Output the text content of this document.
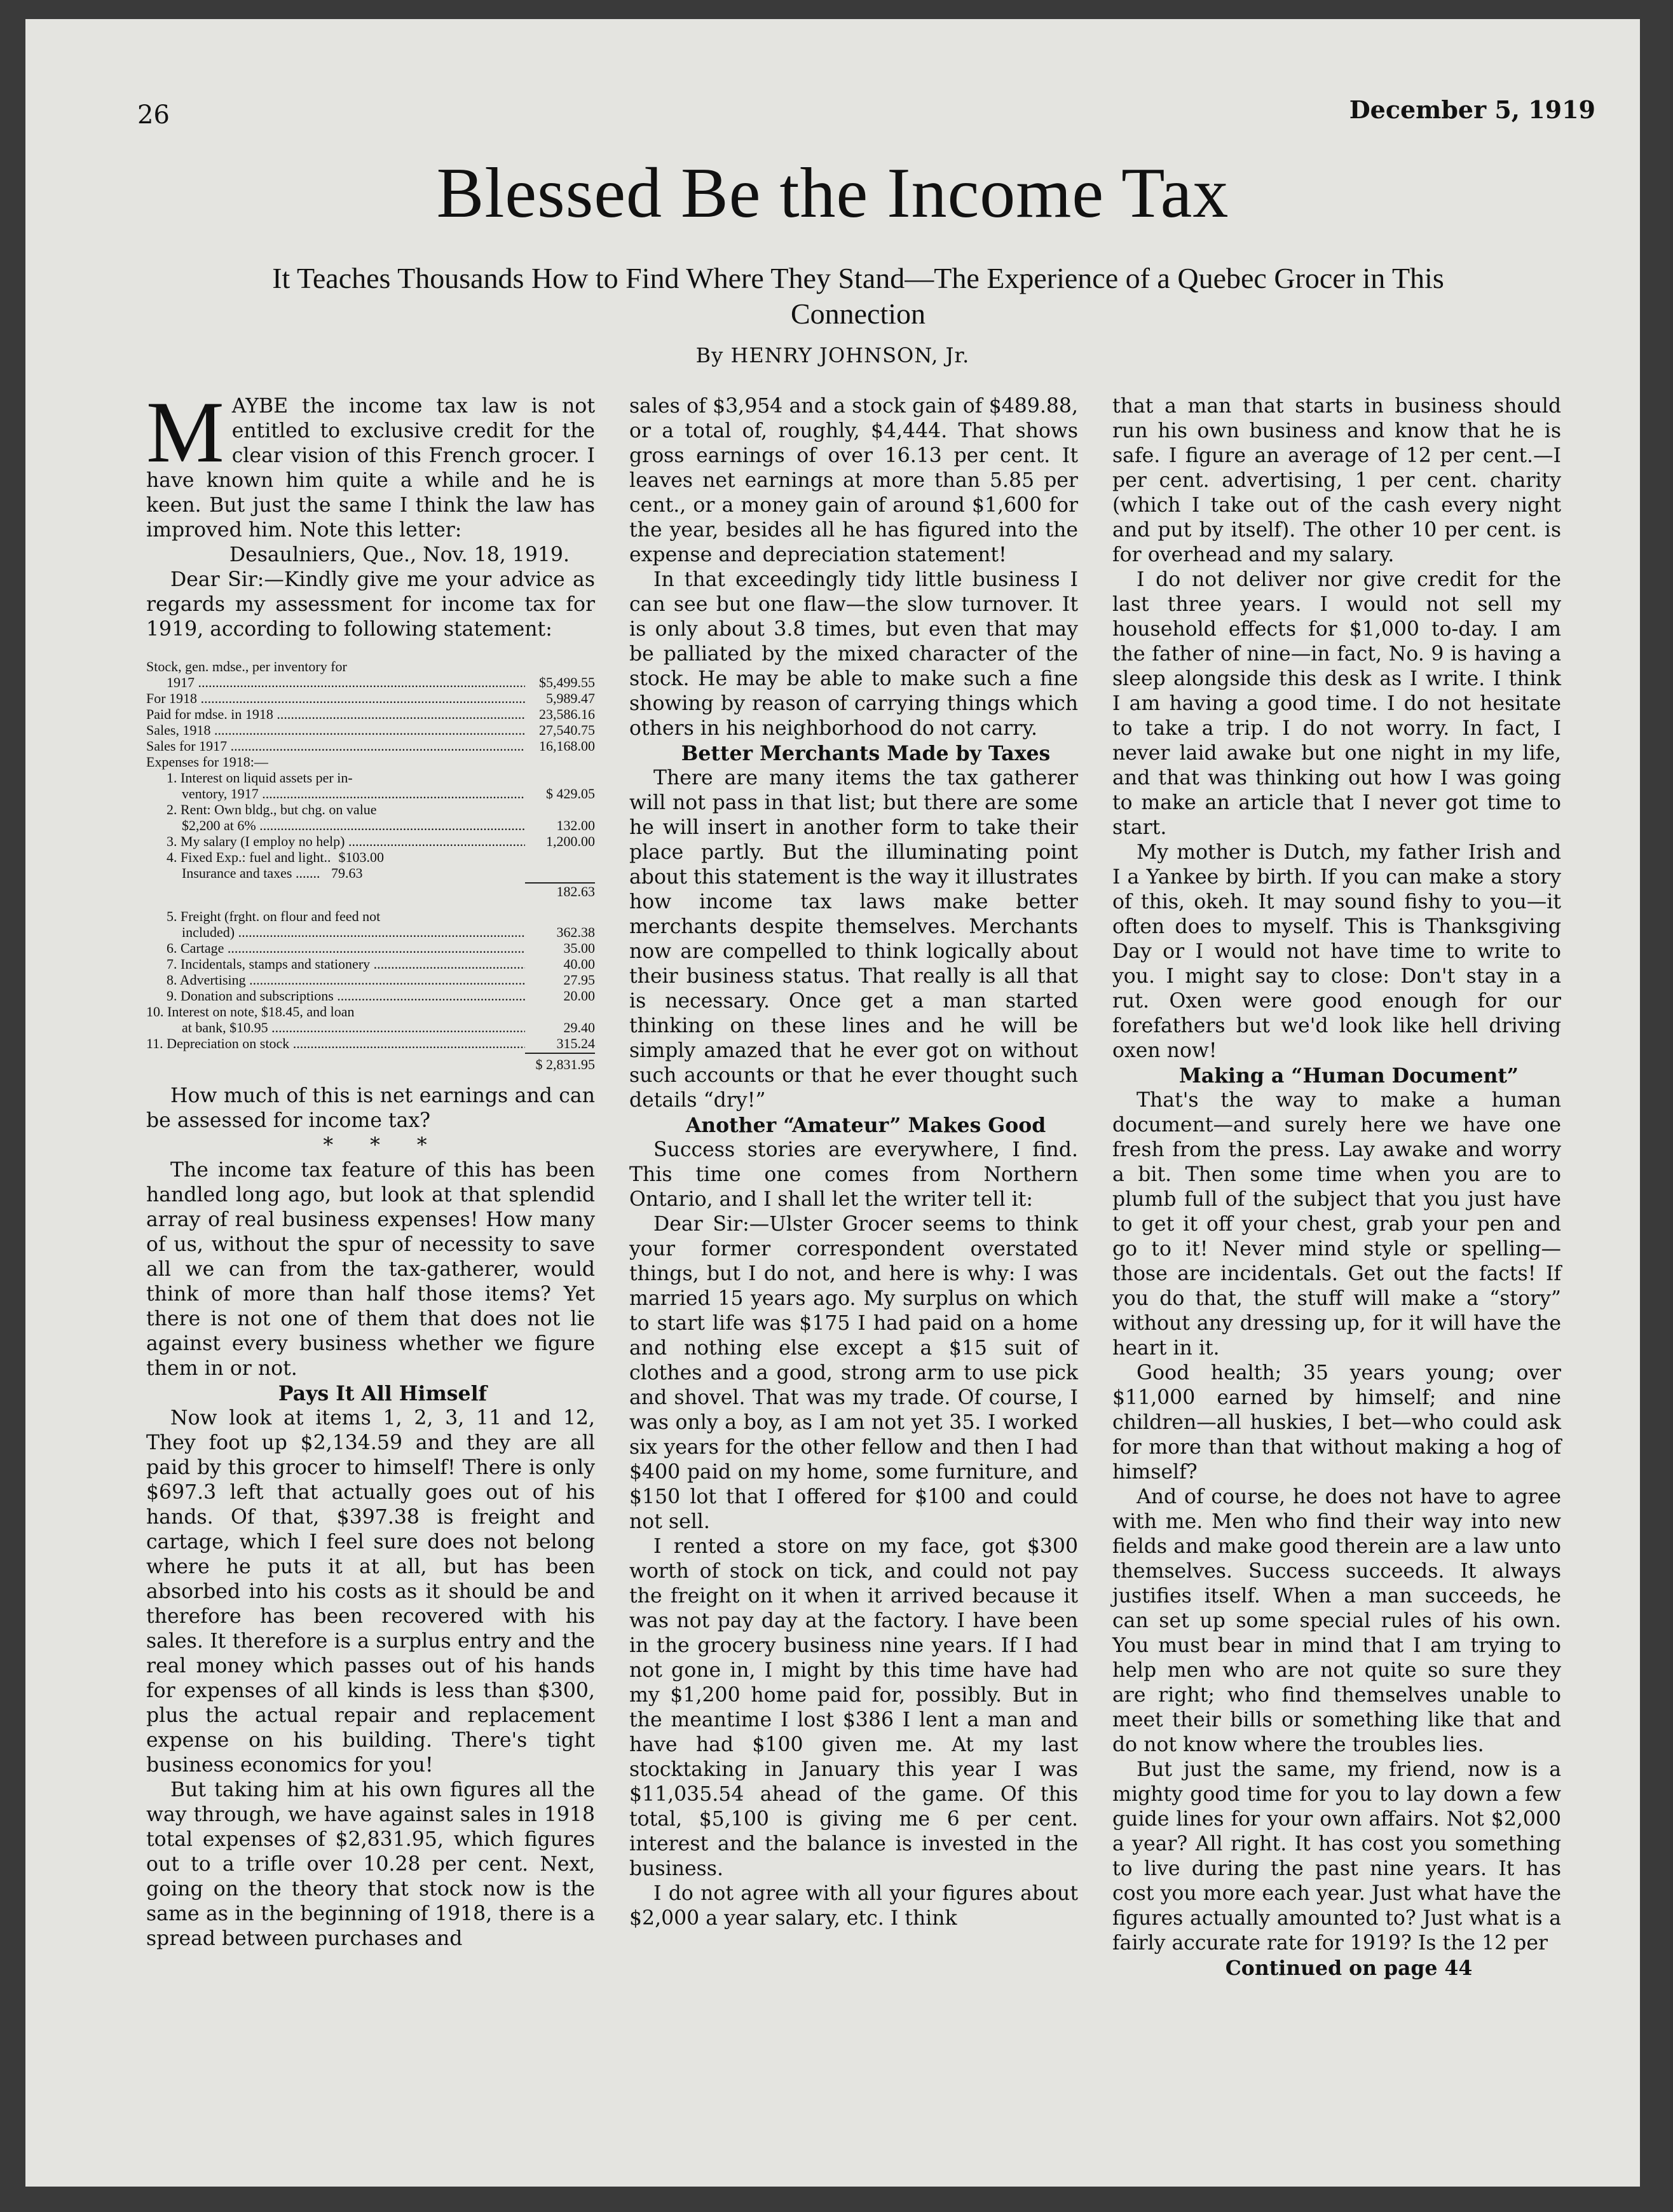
26	December 5, 1919
Blessed Be the Income Tax
It Teaches Thousands How to Find Where They Stand—The Experience of a Quebec Grocer in This Connection
By HENRY JOHNSON, Jr.

MAYBE the income tax law is not entitled to exclusive credit for the clear vision of this French grocer. I have known him quite a while and he is keen. But just the same I think the law has improved him. Note this letter:

Desaulniers, Que., Nov. 18, 1919.

Dear Sir:—Kindly give me your advice as regards my assessment for income tax for 1919, according to following statement:

Stock, gen. mdse., per inventory for
1917 .....	$5,499.55
For 1918 .....	5,989.47
Paid for mdse. in 1918 .....	23,586.16
Sales, 1918 .....	27,540.75
Sales for 1917 .....	16,168.00
Expenses for 1918:—
1. Interest on liquid assets per in-
ventory, 1917 .....	$ 429.05
2. Rent: Own bldg., but chg. on value
$2,200 at 6% .....	132.00
3. My salary (I employ no help) .....	1,200.00
4. Fixed Exp.: fuel and light.. $103.00
Insurance and taxes ....... 79.63
182.63
5. Freight (frght. on flour and feed not
included) .....	362.38
6. Cartage .....	35.00
7. Incidentals, stamps and stationery .....	40.00
8. Advertising .....	27.95
9. Donation and subscriptions .....	20.00
10. Interest on note, $18.45, and loan
at bank, $10.95 .....	29.40
11. Depreciation on stock .....	315.24
$ 2,831.95

How much of this is net earnings and can be assessed for income tax?

* * *

The income tax feature of this has been handled long ago, but look at that splendid array of real business expenses! How many of us, without the spur of necessity to save all we can from the tax-gatherer, would think of more than half those items? Yet there is not one of them that does not lie against every business whether we figure them in or not.

Pays It All Himself

Now look at items 1, 2, 3, 11 and 12, They foot up $2,134.59 and they are all paid by this grocer to himself! There is only $697.3 left that actually goes out of his hands. Of that, $397.38 is freight and cartage, which I feel sure does not belong where he puts it at all, but has been absorbed into his costs as it should be and therefore has been recovered with his sales. It therefore is a surplus entry and the real money which passes out of his hands for expenses of all kinds is less than $300, plus the actual repair and replacement expense on his building. There's tight business economics for you!

But taking him at his own figures all the way through, we have against sales in 1918 total expenses of $2,831.95, which figures out to a trifle over 10.28 per cent. Next, going on the theory that stock now is the same as in the beginning of 1918, there is a spread between purchases and

sales of $3,954 and a stock gain of $489.88, or a total of, roughly, $4,444. That shows gross earnings of over 16.13 per cent. It leaves net earnings at more than 5.85 per cent., or a money gain of around $1,600 for the year, besides all he has figured into the expense and depreciation statement!

In that exceedingly tidy little business I can see but one flaw—the slow turnover. It is only about 3.8 times, but even that may be palliated by the mixed character of the stock. He may be able to make such a fine showing by reason of carrying things which others in his neighborhood do not carry.

Better Merchants Made by Taxes

There are many items the tax gatherer will not pass in that list; but there are some he will insert in another form to take their place partly. But the illuminating point about this statement is the way it illustrates how income tax laws make better merchants despite themselves. Merchants now are compelled to think logically about their business status. That really is all that is necessary. Once get a man started thinking on these lines and he will be simply amazed that he ever got on without such accounts or that he ever thought such details “dry!”

Another “Amateur” Makes Good

Success stories are everywhere, I find. This time one comes from Northern Ontario, and I shall let the writer tell it:

Dear Sir:—Ulster Grocer seems to think your former correspondent overstated things, but I do not, and here is why: I was married 15 years ago. My surplus on which to start life was $175 I had paid on a home and nothing else except a $15 suit of clothes and a good, strong arm to use pick and shovel. That was my trade. Of course, I was only a boy, as I am not yet 35. I worked six years for the other fellow and then I had $400 paid on my home, some furniture, and $150 lot that I offered for $100 and could not sell.

I rented a store on my face, got $300 worth of stock on tick, and could not pay the freight on it when it arrived because it was not pay day at the factory. I have been in the grocery business nine years. If I had not gone in, I might by this time have had my $1,200 home paid for, possibly. But in the meantime I lost $386 I lent a man and have had $100 given me. At my last stocktaking in January this year I was $11,035.54 ahead of the game. Of this total, $5,100 is giving me 6 per cent. interest and the balance is invested in the business.

I do not agree with all your figures about $2,000 a year salary, etc. I think

that a man that starts in business should run his own business and know that he is safe. I figure an average of 12 per cent.—I per cent. advertising, 1 per cent. charity (which I take out of the cash every night and put by itself). The other 10 per cent. is for overhead and my salary.

I do not deliver nor give credit for the last three years. I would not sell my household effects for $1,000 to-day. I am the father of nine—in fact, No. 9 is having a sleep alongside this desk as I write. I think I am having a good time. I do not hesitate to take a trip. I do not worry. In fact, I never laid awake but one night in my life, and that was thinking out how I was going to make an article that I never got time to start.

My mother is Dutch, my father Irish and I a Yankee by birth. If you can make a story of this, okeh. It may sound fishy to you—it often does to myself. This is Thanksgiving Day or I would not have time to write to you. I might say to close: Don't stay in a rut. Oxen were good enough for our forefathers but we'd look like hell driving oxen now!

Making a “Human Document”

That's the way to make a human document—and surely here we have one fresh from the press. Lay awake and worry a bit. Then some time when you are to plumb full of the subject that you just have to get it off your chest, grab your pen and go to it! Never mind style or spelling—those are incidentals. Get out the facts! If you do that, the stuff will make a “story” without any dressing up, for it will have the heart in it.

Good health; 35 years young; over $11,000 earned by himself; and nine children—all huskies, I bet—who could ask for more than that without making a hog of himself?

And of course, he does not have to agree with me. Men who find their way into new fields and make good therein are a law unto themselves. Success succeeds. It always justifies itself. When a man succeeds, he can set up some special rules of his own. You must bear in mind that I am trying to help men who are not quite so sure they are right; who find themselves unable to meet their bills or something like that and do not know where the troubles lies.

But just the same, my friend, now is a mighty good time for you to lay down a few guide lines for your own affairs. Not $2,000 a year? All right. It has cost you something to live during the past nine years. It has cost you more each year. Just what have the figures actually amounted to? Just what is a fairly accurate rate for 1919? Is the 12 per

Continued on page 44
